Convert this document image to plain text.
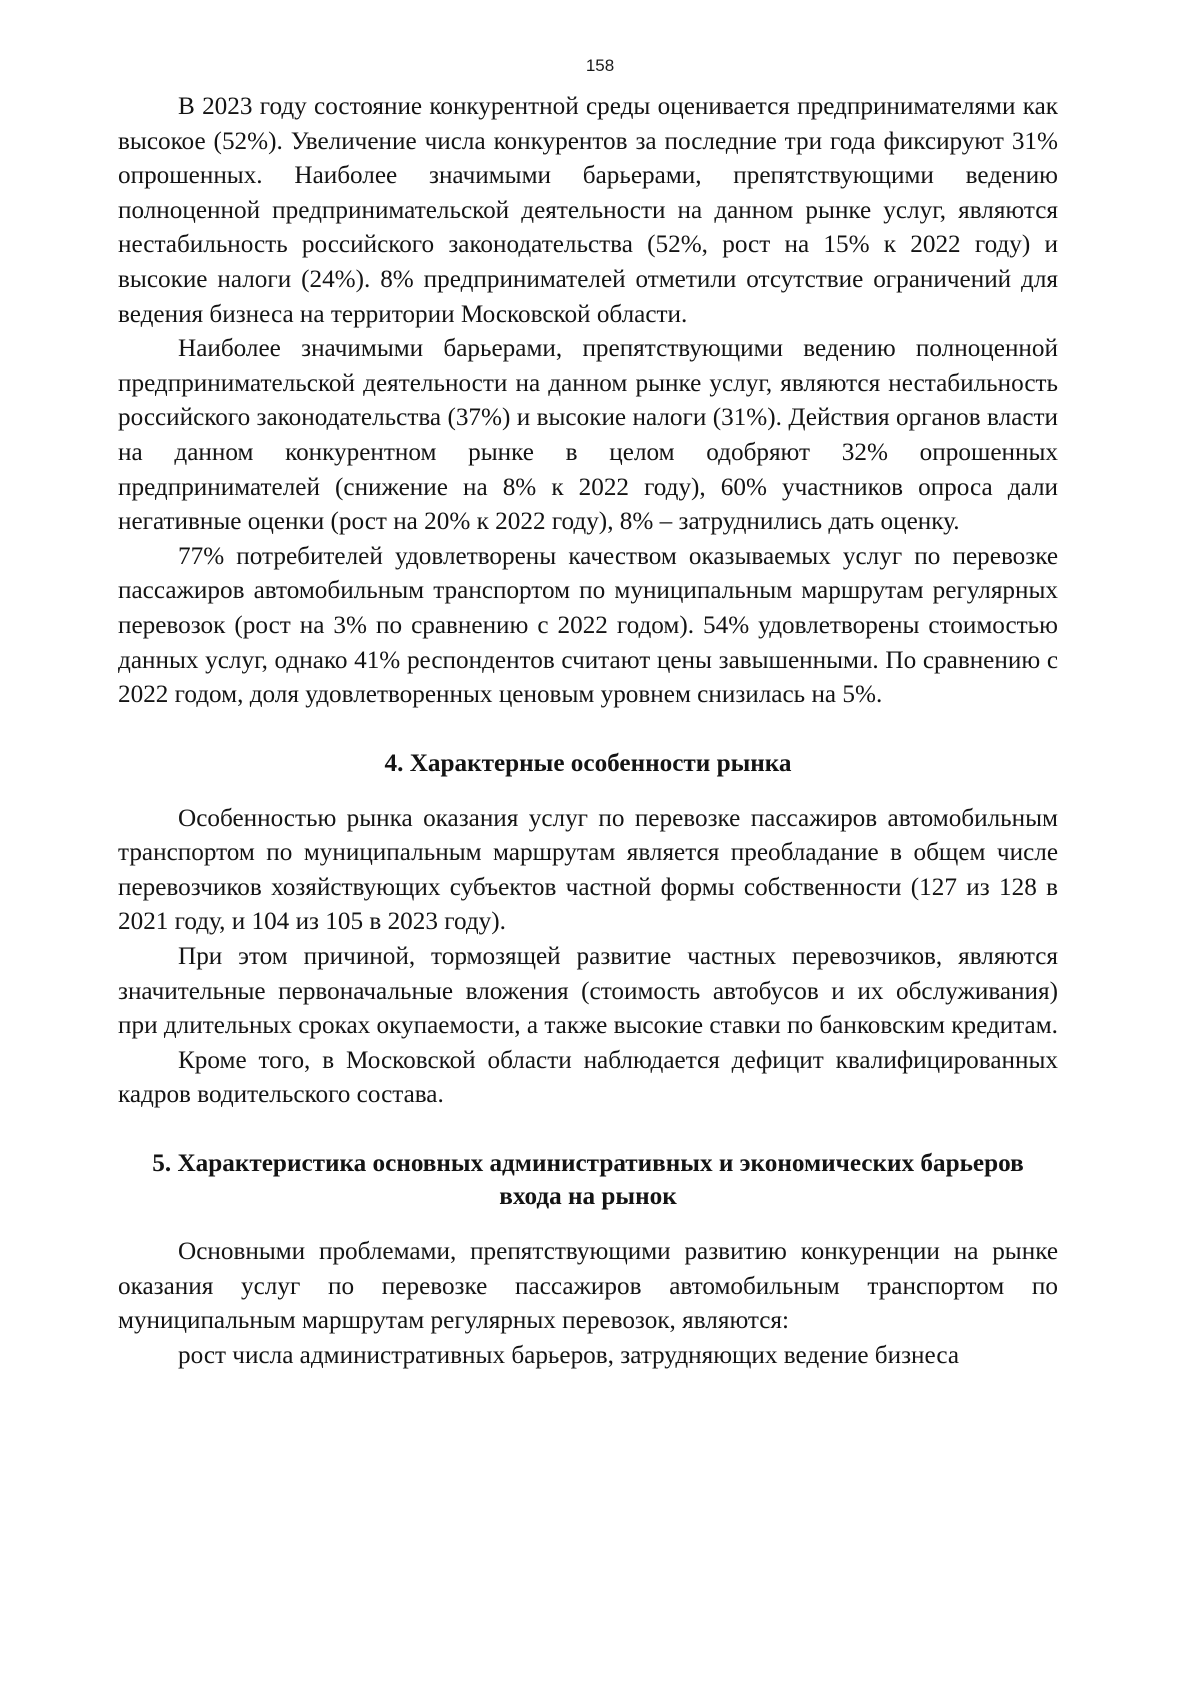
158

В 2023 году состояние конкурентной среды оценивается предпринимателями как высокое (52%). Увеличение числа конкурентов за последние три года фиксируют 31% опрошенных. Наиболее значимыми барьерами, препятствующими ведению полноценной предпринимательской деятельности на данном рынке услуг, являются нестабильность российского законодательства (52%, рост на 15% к 2022 году) и высокие налоги (24%). 8% предпринимателей отметили отсутствие ограничений для ведения бизнеса на территории Московской области.

Наиболее значимыми барьерами, препятствующими ведению полноценной предпринимательской деятельности на данном рынке услуг, являются нестабильность российского законодательства (37%) и высокие налоги (31%). Действия органов власти на данном конкурентном рынке в целом одобряют 32% опрошенных предпринимателей (снижение на 8% к 2022 году), 60% участников опроса дали негативные оценки (рост на 20% к 2022 году), 8% – затруднились дать оценку.

77% потребителей удовлетворены качеством оказываемых услуг по перевозке пассажиров автомобильным транспортом по муниципальным маршрутам регулярных перевозок (рост на 3% по сравнению с 2022 годом). 54% удовлетворены стоимостью данных услуг, однако 41% респондентов считают цены завышенными. По сравнению с 2022 годом, доля удовлетворенных ценовым уровнем снизилась на 5%.

4. Характерные особенности рынка

Особенностью рынка оказания услуг по перевозке пассажиров автомобильным транспортом по муниципальным маршрутам является преобладание в общем числе перевозчиков хозяйствующих субъектов частной формы собственности (127 из 128 в 2021 году, и 104 из 105 в 2023 году).

При этом причиной, тормозящей развитие частных перевозчиков, являются значительные первоначальные вложения (стоимость автобусов и их обслуживания) при длительных сроках окупаемости, а также высокие ставки по банковским кредитам.

Кроме того, в Московской области наблюдается дефицит квалифицированных кадров водительского состава.

5. Характеристика основных административных и экономических барьеров
входа на рынок

Основными проблемами, препятствующими развитию конкуренции на рынке оказания услуг по перевозке пассажиров автомобильным транспортом по муниципальным маршрутам регулярных перевозок, являются:

рост числа административных барьеров, затрудняющих ведение бизнеса
